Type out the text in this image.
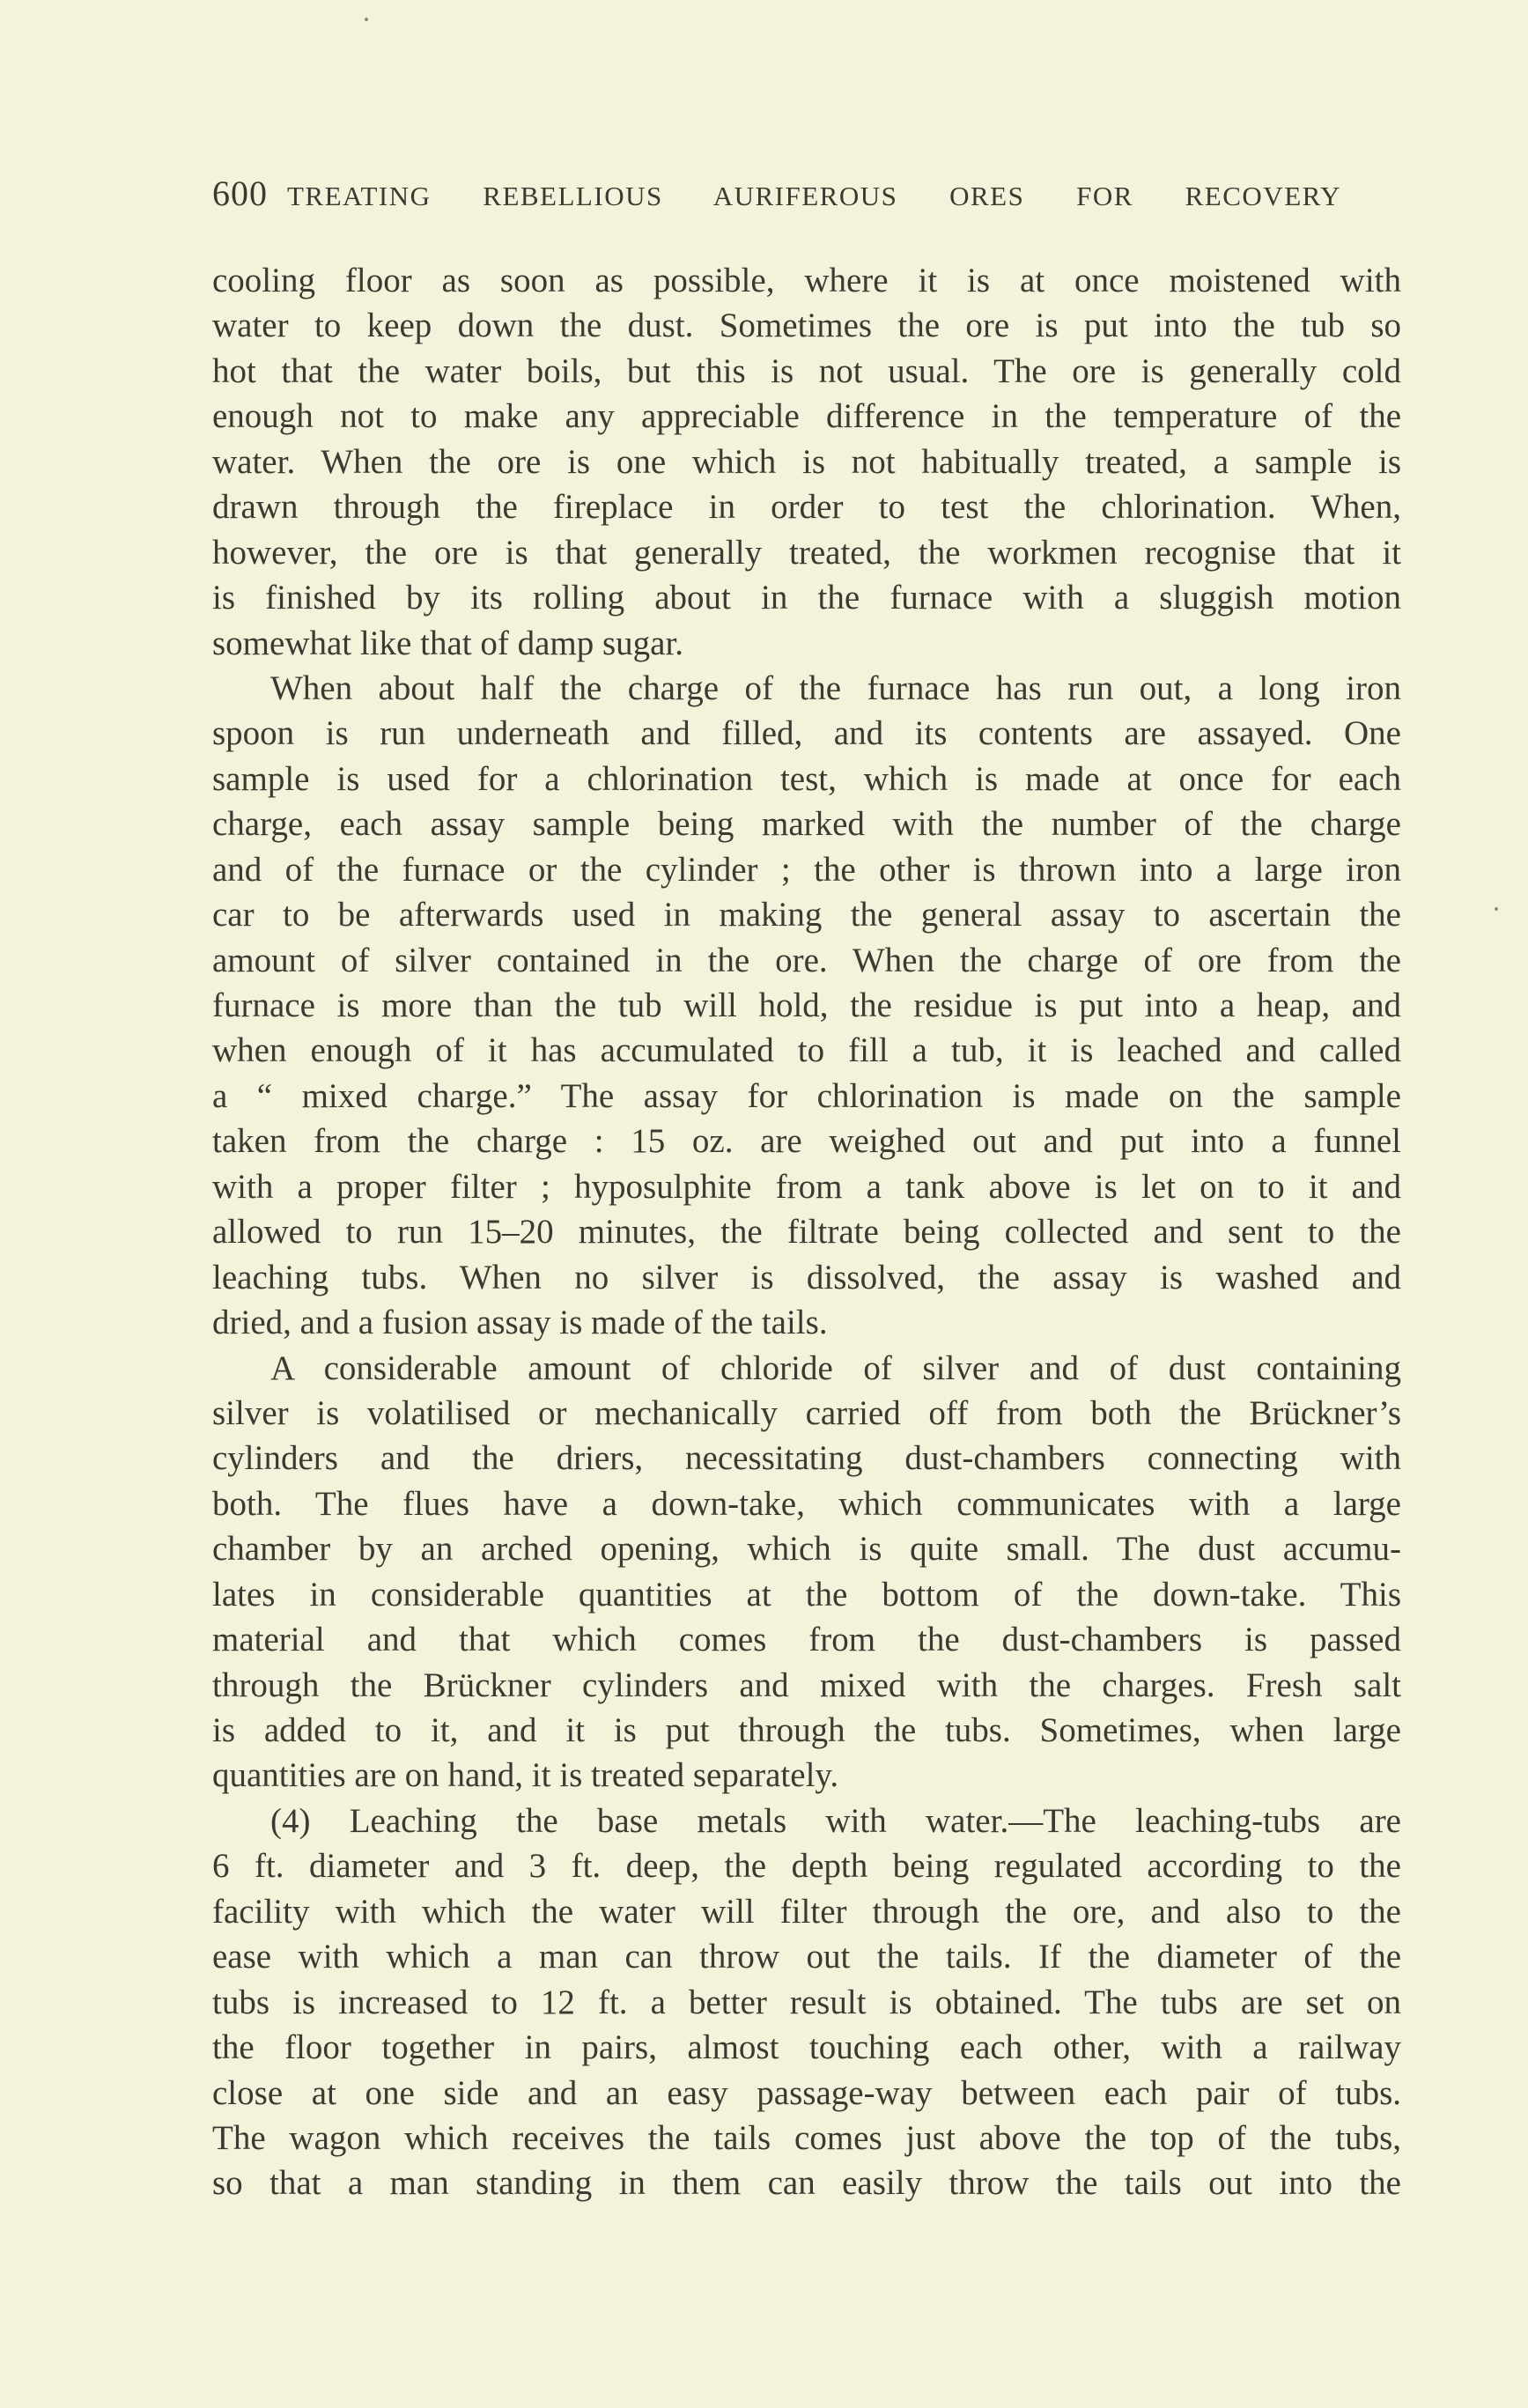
600 TREATING REBELLIOUS AURIFEROUS ORES FOR RECOVERY
cooling floor as soon as possible, where it is at once moistened with
water to keep down the dust. Sometimes the ore is put into the tub so
hot that the water boils, but this is not usual. The ore is generally cold
enough not to make any appreciable difference in the temperature of the
water. When the ore is one which is not habitually treated, a sample is
drawn through the fireplace in order to test the chlorination. When,
however, the ore is that generally treated, the workmen recognise that it
is finished by its rolling about in the furnace with a sluggish motion
somewhat like that of damp sugar.
When about half the charge of the furnace has run out, a long iron
spoon is run underneath and filled, and its contents are assayed. One
sample is used for a chlorination test, which is made at once for each
charge, each assay sample being marked with the number of the charge
and of the furnace or the cylinder ; the other is thrown into a large iron
car to be afterwards used in making the general assay to ascertain the
amount of silver contained in the ore. When the charge of ore from the
furnace is more than the tub will hold, the residue is put into a heap, and
when enough of it has accumulated to fill a tub, it is leached and called
a “ mixed charge.” The assay for chlorination is made on the sample
taken from the charge : 15 oz. are weighed out and put into a funnel
with a proper filter ; hyposulphite from a tank above is let on to it and
allowed to run 15–20 minutes, the filtrate being collected and sent to the
leaching tubs. When no silver is dissolved, the assay is washed and
dried, and a fusion assay is made of the tails.
A considerable amount of chloride of silver and of dust containing
silver is volatilised or mechanically carried off from both the Brückner’s
cylinders and the driers, necessitating dust-chambers connecting with
both. The flues have a down-take, which communicates with a large
chamber by an arched opening, which is quite small. The dust accumu-
lates in considerable quantities at the bottom of the down-take. This
material and that which comes from the dust-chambers is passed
through the Brückner cylinders and mixed with the charges. Fresh salt
is added to it, and it is put through the tubs. Sometimes, when large
quantities are on hand, it is treated separately.
(4) Leaching the base metals with water.—The leaching-tubs are
6 ft. diameter and 3 ft. deep, the depth being regulated according to the
facility with which the water will filter through the ore, and also to the
ease with which a man can throw out the tails. If the diameter of the
tubs is increased to 12 ft. a better result is obtained. The tubs are set on
the floor together in pairs, almost touching each other, with a railway
close at one side and an easy passage-way between each pair of tubs.
The wagon which receives the tails comes just above the top of the tubs,
so that a man standing in them can easily throw the tails out into the
